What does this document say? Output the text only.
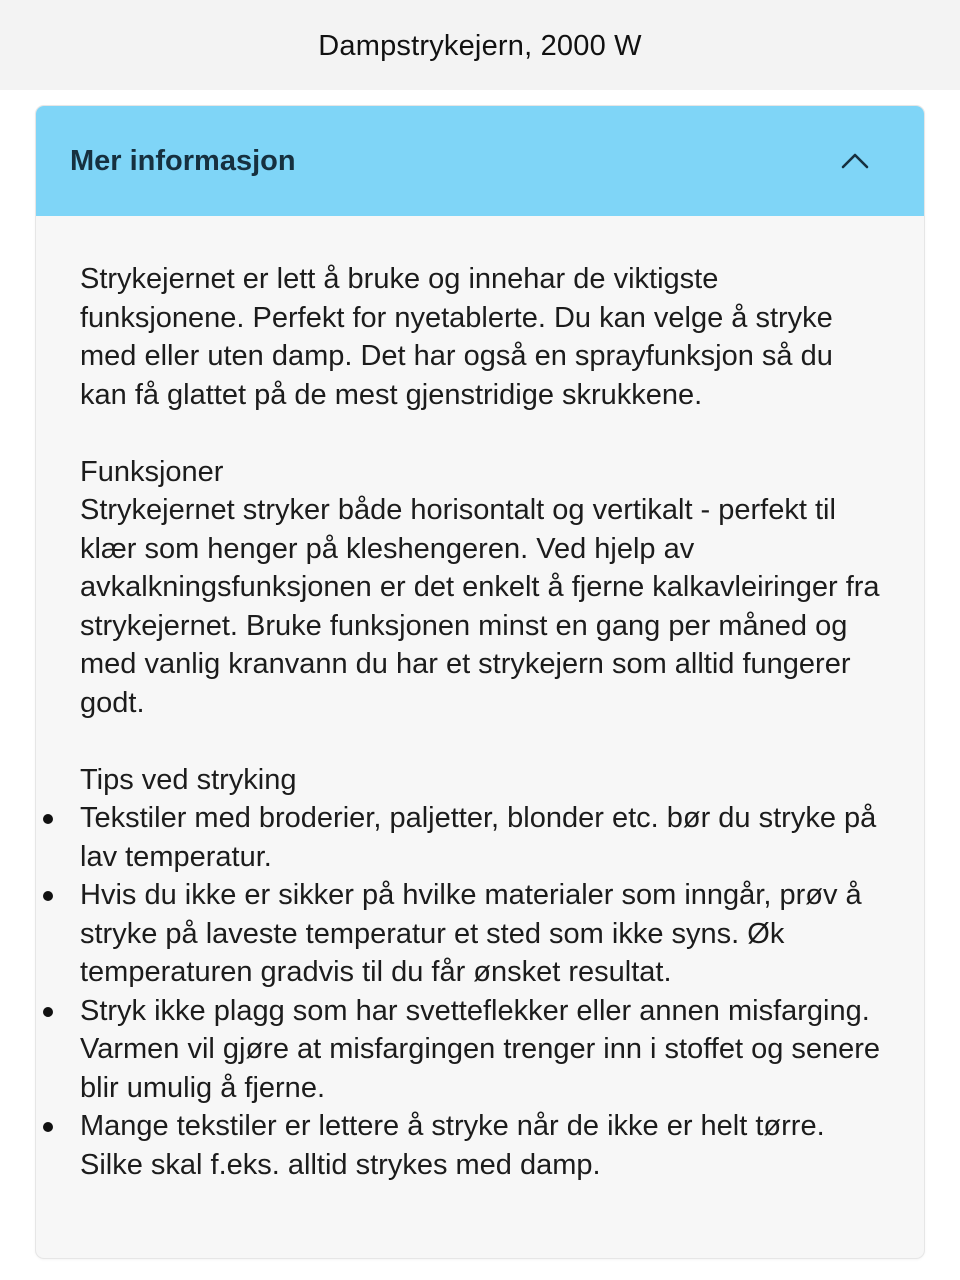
Dampstrykejern, 2000 W
Mer informasjon

Strykejernet er lett å bruke og innehar de viktigste funksjonene. Perfekt for nyetablerte. Du kan velge å stryke med eller uten damp. Det har også en sprayfunksjon så du kan få glattet på de mest gjenstridige skrukkene.

Funksjoner

Strykejernet stryker både horisontalt og vertikalt - perfekt til klær som henger på kleshengeren. Ved hjelp av avkalkningsfunksjonen er det enkelt å fjerne kalkavleiringer fra strykejernet. Bruke funksjonen minst en gang per måned og med vanlig kranvann du har et strykejern som alltid fungerer godt.

Tips ved stryking

Tekstiler med broderier, paljetter, blonder etc. bør du stryke på lav temperatur.
Hvis du ikke er sikker på hvilke materialer som inngår, prøv å stryke på laveste temperatur et sted som ikke syns. Øk temperaturen gradvis til du får ønsket resultat.
Stryk ikke plagg som har svetteflekker eller annen misfarging. Varmen vil gjøre at misfargingen trenger inn i stoffet og senere blir umulig å fjerne.
Mange tekstiler er lettere å stryke når de ikke er helt tørre. Silke skal f.eks. alltid strykes med damp.
